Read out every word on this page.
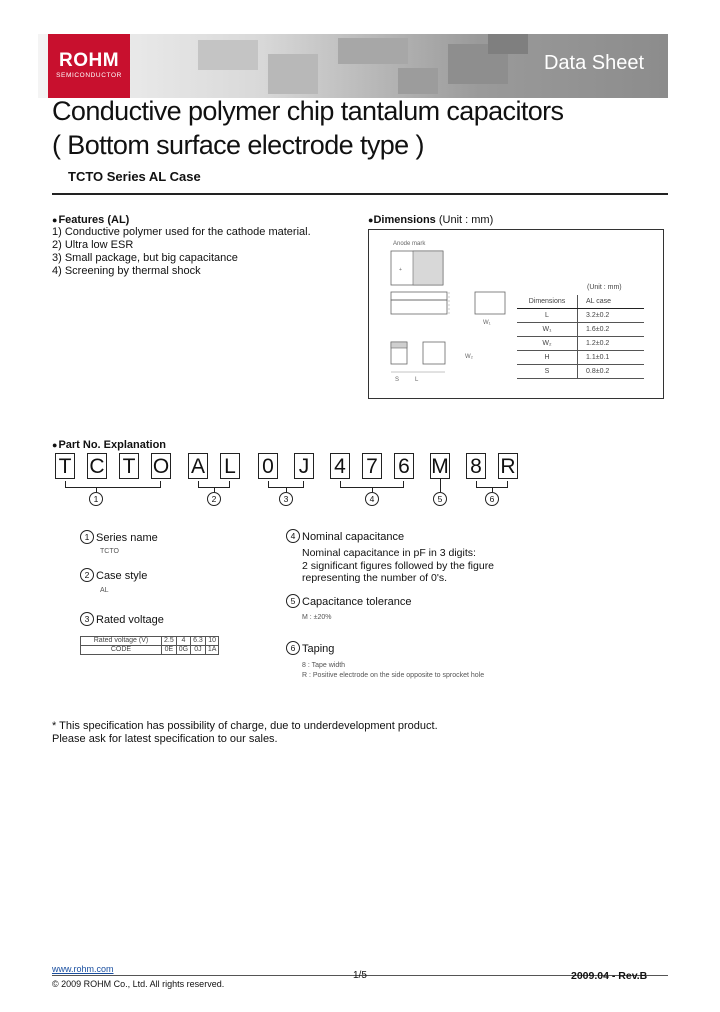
ROHM
SEMICONDUCTOR
Data Sheet
Conductive polymer chip tantalum capacitors
( Bottom surface electrode type )
TCTO Series AL Case
●Features (AL)
1) Conductive polymer used for the cathode material.
2) Ultra low ESR
3) Small package, but big capacitance
4) Screening by thermal shock
●Dimensions (Unit : mm)
Anode mark
+
W₁
W₂
S	L
(Unit : mm)
Dimensions	AL case
L	3.2±0.2
W₁	1.6±0.2
W₂	1.2±0.2
H	1.1±0.1
S	0.8±0.2
●Part No. Explanation
T C T O A L 0 J 4 7 6 M 8 R
1	2	3	4	5	6
1 Series name
TCTO
2 Case style
AL
3 Rated voltage
Rated voltage (V)	2.5	4	6.3	10
CODE	0E	0G	0J	1A
4 Nominal capacitance
Nominal capacitance in pF in 3 digits:
2 significant figures followed by the figure
representing the number of 0's.
5 Capacitance tolerance
M : ±20%
6 Taping
8 : Tape width
R : Positive electrode on the side opposite to sprocket hole
* This specification has possibility of charge, due to underdevelopment product.
Please ask for latest specification to our sales.
www.rohm.com
© 2009 ROHM Co., Ltd. All rights reserved.
1/5	2009.04 - Rev.B
